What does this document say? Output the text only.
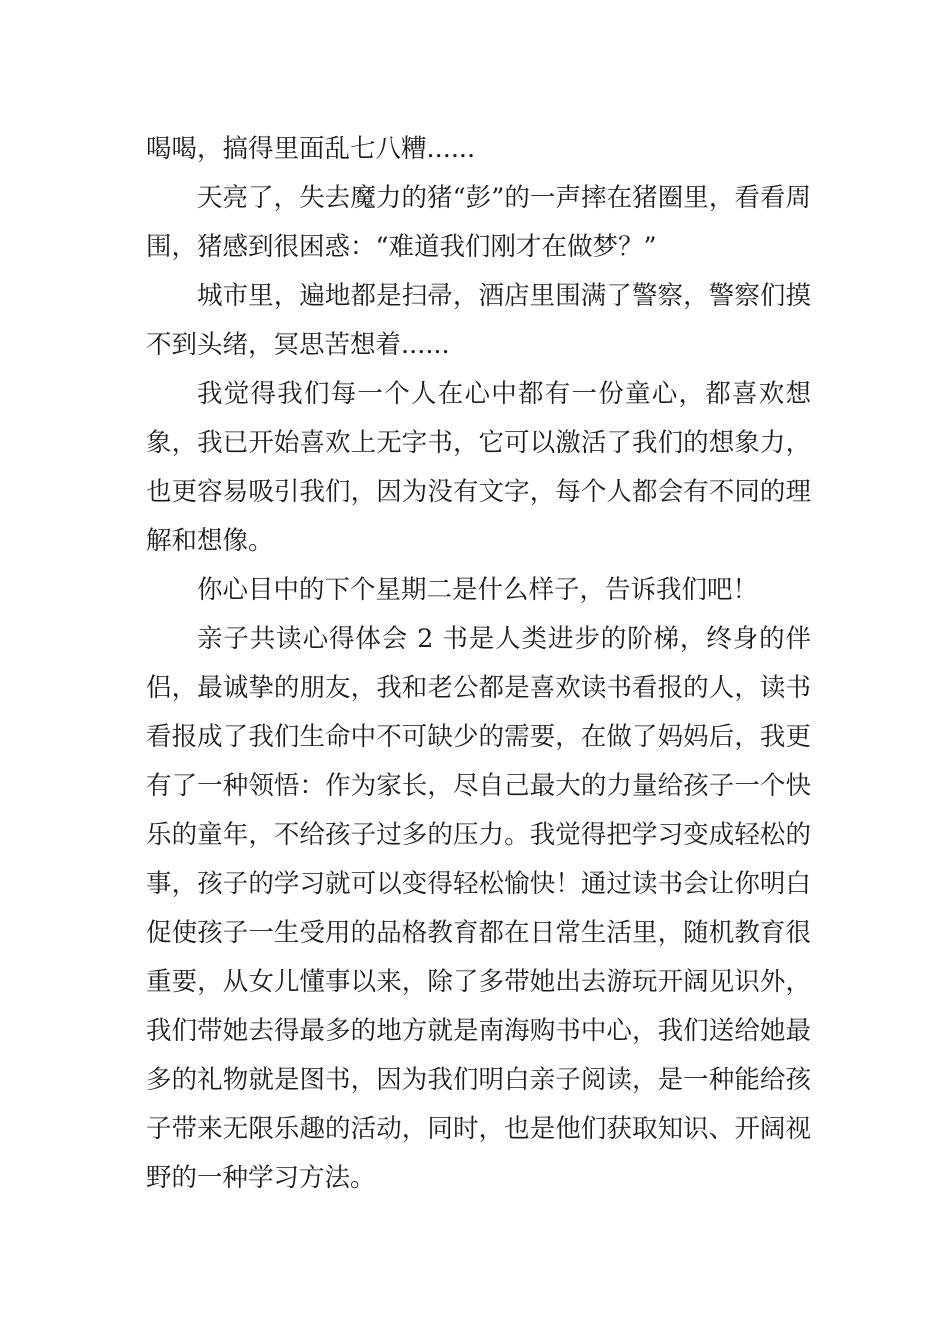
喝喝，搞得里面乱七八糟......

天亮了，失去魔力的猪“彭”的一声摔在猪圈里，看看周围，猪感到很困惑：“难道我们刚才在做梦？”

城市里，遍地都是扫帚，酒店里围满了警察，警察们摸不到头绪，冥思苦想着......

我觉得我们每一个人在心中都有一份童心，都喜欢想象，我已开始喜欢上无字书，它可以激活了我们的想象力，也更容易吸引我们，因为没有文字，每个人都会有不同的理解和想像。

你心目中的下个星期二是什么样子，告诉我们吧！

亲子共读心得体会 2 书是人类进步的阶梯，终身的伴侣，最诚挚的朋友，我和老公都是喜欢读书看报的人，读书看报成了我们生命中不可缺少的需要，在做了妈妈后，我更有了一种领悟：作为家长，尽自己最大的力量给孩子一个快乐的童年，不给孩子过多的压力。我觉得把学习变成轻松的事，孩子的学习就可以变得轻松愉快！通过读书会让你明白促使孩子一生受用的品格教育都在日常生活里，随机教育很重要，从女儿懂事以来，除了多带她出去游玩开阔见识外，我们带她去得最多的地方就是南海购书中心，我们送给她最多的礼物就是图书，因为我们明白亲子阅读，是一种能给孩子带来无限乐趣的活动，同时，也是他们获取知识、开阔视野的一种学习方法。
